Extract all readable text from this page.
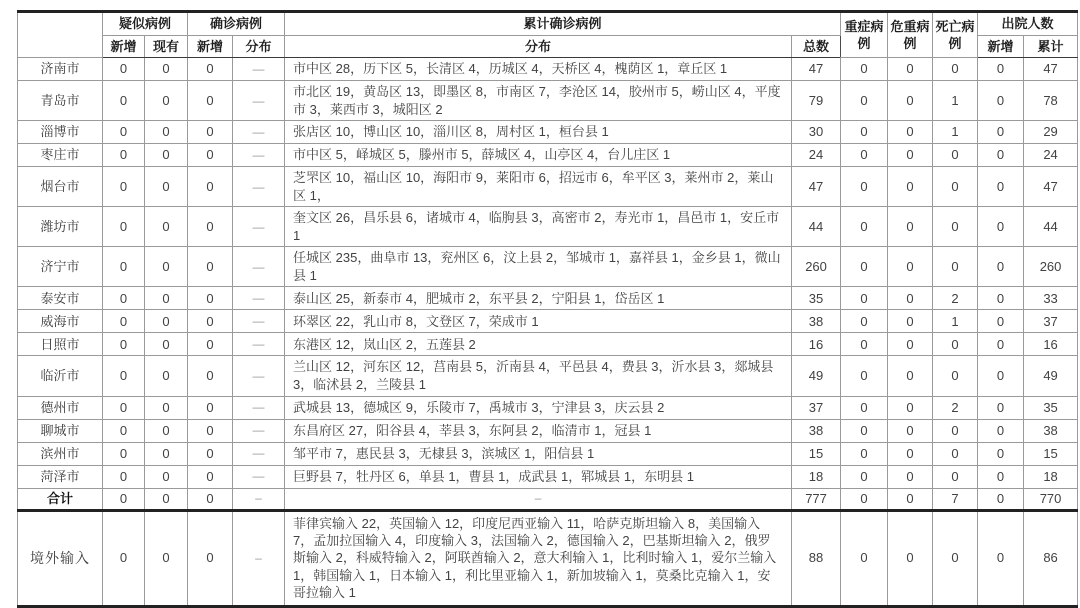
	疑似病例		确诊病例		累计确诊病例		重症病例	危重病例	死亡病例	出院人数	
	新增	现有	新增	分布	分布	总数				新增	累计
济南市	0	0	0	—	市中区 28，历下区 5，长清区 4，历城区 4，天桥区 4，槐荫区 1，章丘区 1	47	0	0	0	0	47
青岛市	0	0	0	—	市北区 19，黄岛区 13，即墨区 8，市南区 7，李沧区 14，胶州市 5，崂山区 4，平度市 3，莱西市 3，城阳区 2	79	0	0	1	0	78
淄博市	0	0	0	—	张店区 10，博山区 10，淄川区 8，周村区 1，桓台县 1	30	0	0	1	0	29
枣庄市	0	0	0	—	市中区 5，峄城区 5，滕州市 5，薛城区 4，山亭区 4，台儿庄区 1	24	0	0	0	0	24
烟台市	0	0	0	—	芝罘区 10，福山区 10，海阳市 9，莱阳市 6，招远市 6，牟平区 3，莱州市 2，莱山区 1，	47	0	0	0	0	47
潍坊市	0	0	0	—	奎文区 26，昌乐县 6，诸城市 4，临朐县 3，高密市 2，寿光市 1，昌邑市 1，安丘市 1	44	0	0	0	0	44
济宁市	0	0	0	—	任城区 235，曲阜市 13，兖州区 6，汶上县 2，邹城市 1，嘉祥县 1，金乡县 1，微山县 1	260	0	0	0	0	260
泰安市	0	0	0	—	泰山区 25，新泰市 4，肥城市 2，东平县 2，宁阳县 1，岱岳区 1	35	0	0	2	0	33
威海市	0	0	0	—	环翠区 22，乳山市 8，文登区 7，荣成市 1	38	0	0	1	0	37
日照市	0	0	0	—	东港区 12，岚山区 2，五莲县 2	16	0	0	0	0	16
临沂市	0	0	0	—	兰山区 12，河东区 12，莒南县 5，沂南县 4，平邑县 4，费县 3，沂水县 3，郯城县 3，临沭县 2，兰陵县 1	49	0	0	0	0	49
德州市	0	0	0	—	武城县 13，德城区 9，乐陵市 7，禹城市 3，宁津县 3，庆云县 2	37	0	0	2	0	35
聊城市	0	0	0	—	东昌府区 27，阳谷县 4，莘县 3，东阿县 2，临清市 1，冠县 1	38	0	0	0	0	38
滨州市	0	0	0	—	邹平市 7，惠民县 3，无棣县 3，滨城区 1，阳信县 1	15	0	0	0	0	15
菏泽市	0	0	0	—	巨野县 7，牡丹区 6，单县 1，曹县 1，成武县 1，郓城县 1，东明县 1	18	0	0	0	0	18
合计	0	0	0	–	–	777	0	0	7	0	770
境外输入	0	0	0	–	菲律宾输入 22，英国输入 12，印度尼西亚输入 11，哈萨克斯坦输入 8，美国输入 7，孟加拉国输入 4，印度输入 3，法国输入 2，德国输入 2，巴基斯坦输入 2，俄罗斯输入 2，科威特输入 2，阿联酋输入 2，意大利输入 1，比利时输入 1，爱尔兰输入 1，韩国输入 1，日本输入 1，利比里亚输入 1，新加坡输入 1，莫桑比克输入 1，安哥拉输入 1	88	0	0	0	0	86
